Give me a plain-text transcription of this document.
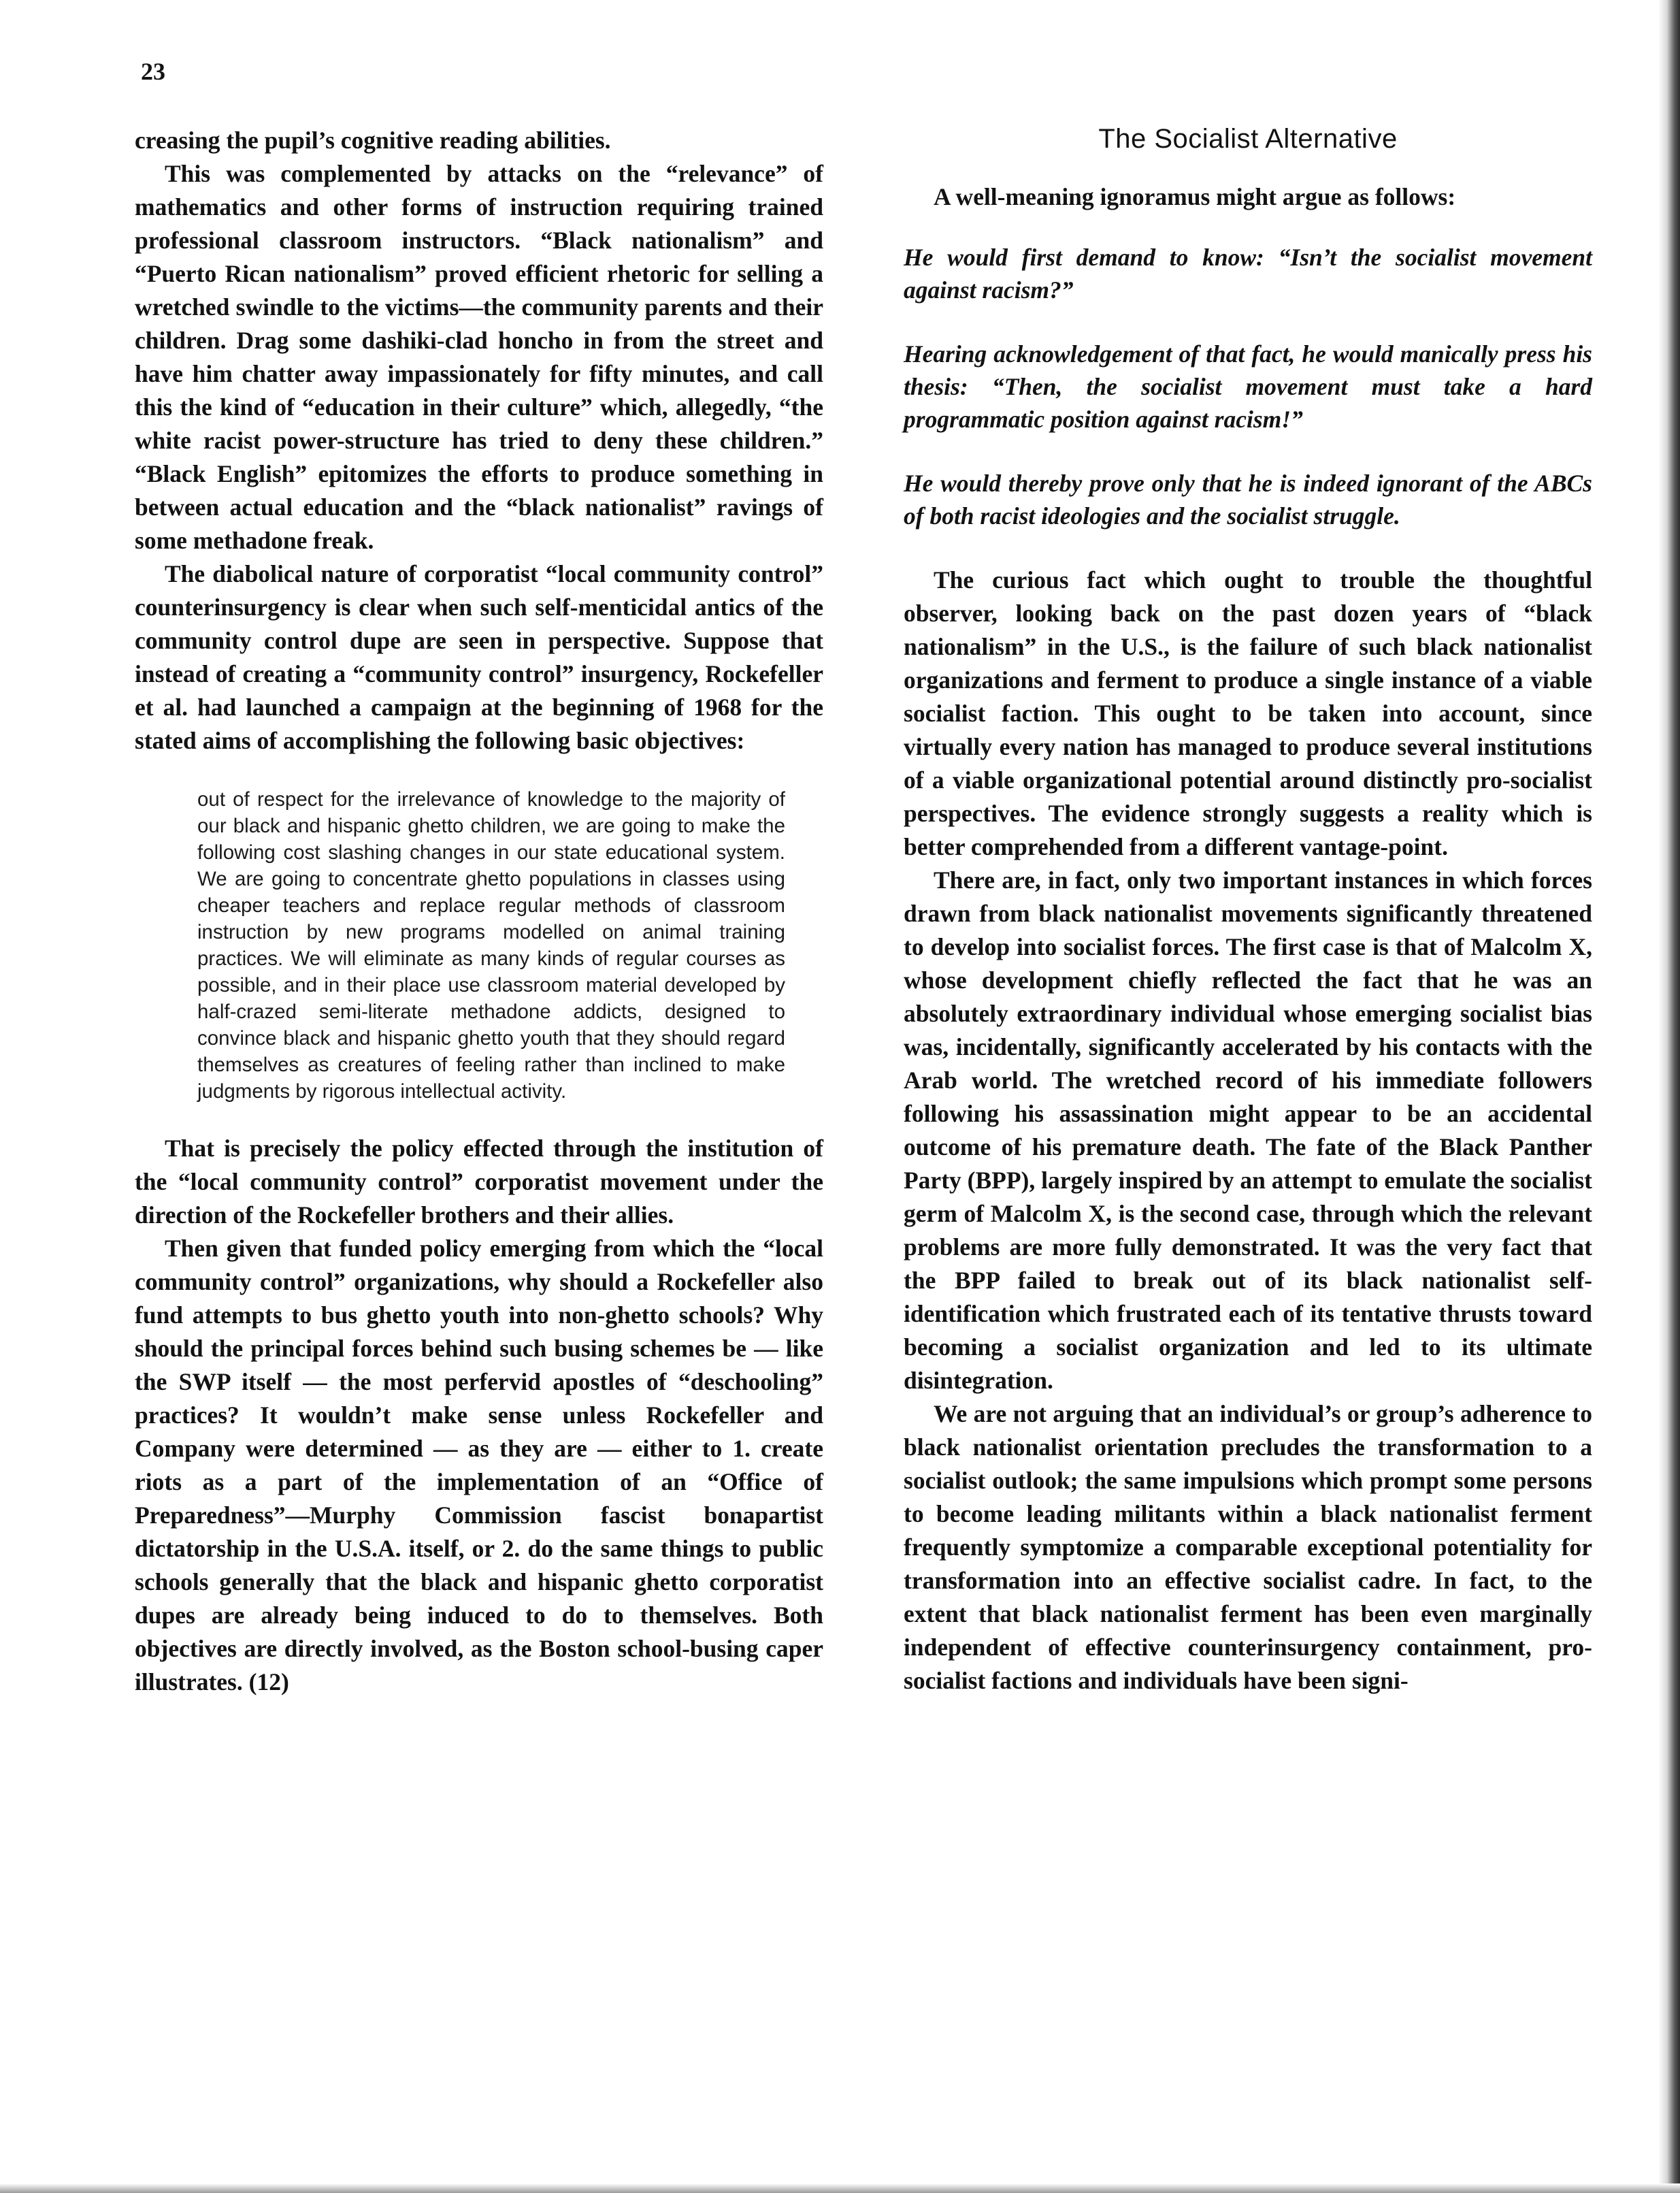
23

creasing the pupil’s cognitive reading abilities.

This was complemented by attacks on the “relevance” of mathematics and other forms of instruction requiring trained professional classroom instructors. “Black nationalism” and “Puerto Rican nationalism” proved efficient rhetoric for selling a wretched swindle to the victims—the community parents and their children. Drag some dashiki-clad honcho in from the street and have him chatter away impassionately for fifty minutes, and call this the kind of “education in their culture” which, allegedly, “the white racist power-structure has tried to deny these children.” “Black English” epitomizes the efforts to produce something in between actual education and the “black nationalist” ravings of some methadone freak.

The diabolical nature of corporatist “local community control” counterinsurgency is clear when such self-menticidal antics of the community control dupe are seen in perspective. Suppose that instead of creating a “community control” insurgency, Rockefeller et al. had launched a campaign at the beginning of 1968 for the stated aims of accomplishing the following basic objectives:

out of respect for the irrelevance of knowledge to the majority of our black and hispanic ghetto children, we are going to make the following cost slashing changes in our state educational system. We are going to concentrate ghetto populations in classes using cheaper teachers and replace regular methods of classroom instruction by new programs modelled on animal training practices. We will eliminate as many kinds of regular courses as possible, and in their place use classroom material developed by half-crazed semi-literate methadone addicts, designed to convince black and hispanic ghetto youth that they should regard themselves as creatures of feeling rather than inclined to make judgments by rigorous intellectual activity.

That is precisely the policy effected through the institution of the “local community control” corporatist movement under the direction of the Rockefeller brothers and their allies.

Then given that funded policy emerging from which the “local community control” organizations, why should a Rockefeller also fund attempts to bus ghetto youth into non-ghetto schools? Why should the principal forces behind such busing schemes be — like the SWP itself — the most perfervid apostles of “deschooling” practices? It wouldn’t make sense unless Rockefeller and Company were determined — as they are — either to 1. create riots as a part of the implementation of an “Office of Preparedness”—Murphy Commission fascist bonapartist dictatorship in the U.S.A. itself, or 2. do the same things to public schools generally that the black and hispanic ghetto corporatist dupes are already being induced to do to themselves. Both objectives are directly involved, as the Boston school-busing caper illustrates. (12)

The Socialist Alternative

A well-meaning ignoramus might argue as follows:

He would first demand to know: “Isn’t the socialist movement against racism?”

Hearing acknowledgement of that fact, he would manically press his thesis: “Then, the socialist movement must take a hard programmatic position against racism!”

He would thereby prove only that he is indeed ignorant of the ABCs of both racist ideologies and the socialist struggle.

The curious fact which ought to trouble the thoughtful observer, looking back on the past dozen years of “black nationalism” in the U.S., is the failure of such black nationalist organizations and ferment to produce a single instance of a viable socialist faction. This ought to be taken into account, since virtually every nation has managed to produce several institutions of a viable organizational potential around distinctly pro-socialist perspectives. The evidence strongly suggests a reality which is better comprehended from a different vantage-point.

There are, in fact, only two important instances in which forces drawn from black nationalist movements significantly threatened to develop into socialist forces. The first case is that of Malcolm X, whose development chiefly reflected the fact that he was an absolutely extraordinary individual whose emerging socialist bias was, incidentally, significantly accelerated by his contacts with the Arab world. The wretched record of his immediate followers following his assassination might appear to be an accidental outcome of his premature death. The fate of the Black Panther Party (BPP), largely inspired by an attempt to emulate the socialist germ of Malcolm X, is the second case, through which the relevant problems are more fully demonstrated. It was the very fact that the BPP failed to break out of its black nationalist self-identification which frustrated each of its tentative thrusts toward becoming a socialist organization and led to its ultimate disintegration.

We are not arguing that an individual’s or group’s adherence to black nationalist orientation precludes the transformation to a socialist outlook; the same impulsions which prompt some persons to become leading militants within a black nationalist ferment frequently symptomize a comparable exceptional potentiality for transformation into an effective socialist cadre. In fact, to the extent that black nationalist ferment has been even marginally independent of effective counterinsurgency containment, pro-socialist factions and individuals have been signi-
